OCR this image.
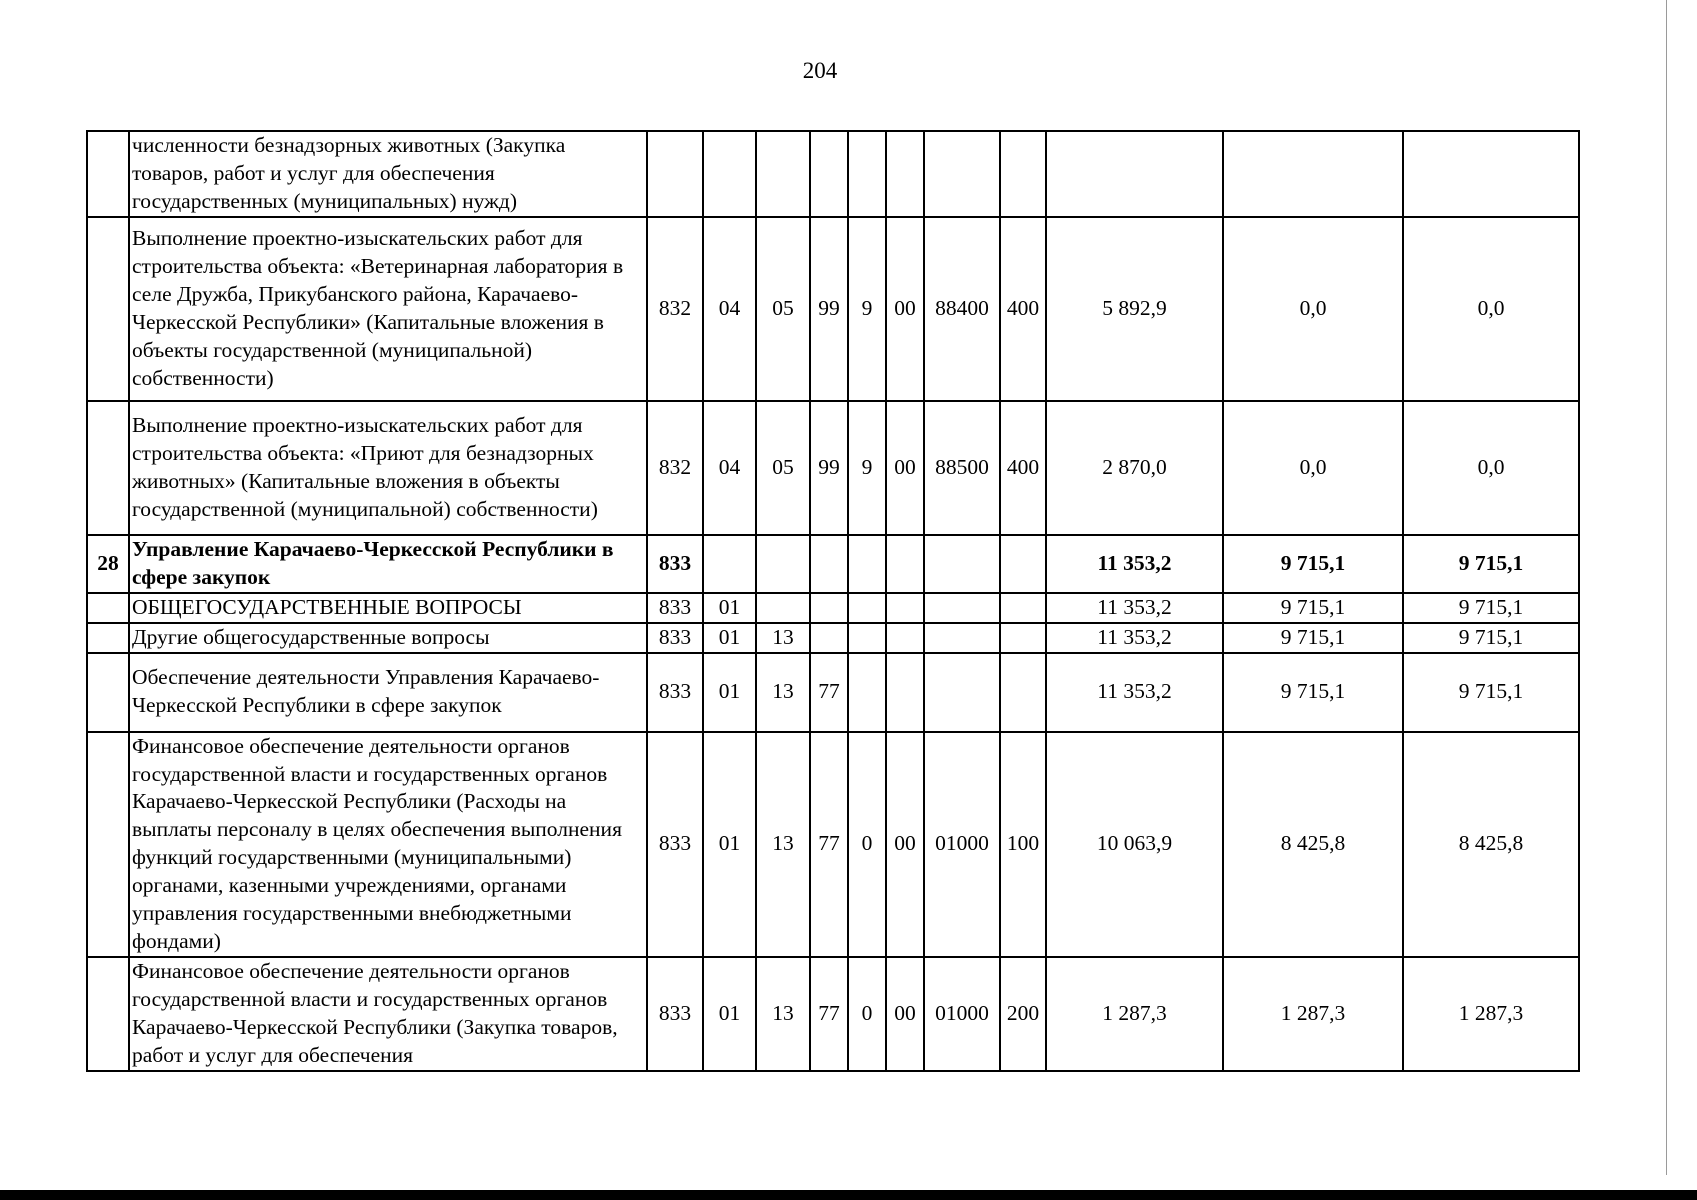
204
	численности безнадзорных животных (Закупка товаров, работ и услуг для обеспечения государственных (муниципальных) нужд)											
	Выполнение проектно-изыскательских работ для строительства объекта: «Ветеринарная лаборатория в селе Дружба, Прикубанского района, Карачаево-Черкесской Республики» (Капитальные вложения в объекты государственной (муниципальной) собственности)	832	04	05	99	9	00	88400	400	5 892,9	0,0	0,0
	Выполнение проектно-изыскательских работ для строительства объекта: «Приют для безнадзорных животных» (Капитальные вложения в объекты государственной (муниципальной) собственности)	832	04	05	99	9	00	88500	400	2 870,0	0,0	0,0
28	Управление Карачаево-Черкесской Республики в сфере закупок	833								11 353,2	9 715,1	9 715,1
	ОБЩЕГОСУДАРСТВЕННЫЕ ВОПРОСЫ	833	01							11 353,2	9 715,1	9 715,1
	Другие общегосударственные вопросы	833	01	13						11 353,2	9 715,1	9 715,1
	Обеспечение деятельности Управления Карачаево-Черкесской Республики в сфере закупок	833	01	13	77					11 353,2	9 715,1	9 715,1
	Финансовое обеспечение деятельности органов государственной власти и государственных органов Карачаево-Черкесской Республики (Расходы на выплаты персоналу в целях обеспечения выполнения функций государственными (муниципальными) органами, казенными учреждениями, органами управления государственными внебюджетными фондами)	833	01	13	77	0	00	01000	100	10 063,9	8 425,8	8 425,8
	Финансовое обеспечение деятельности органов государственной власти и государственных органов Карачаево-Черкесской Республики (Закупка товаров, работ и услуг для обеспечения	833	01	13	77	0	00	01000	200	1 287,3	1 287,3	1 287,3
